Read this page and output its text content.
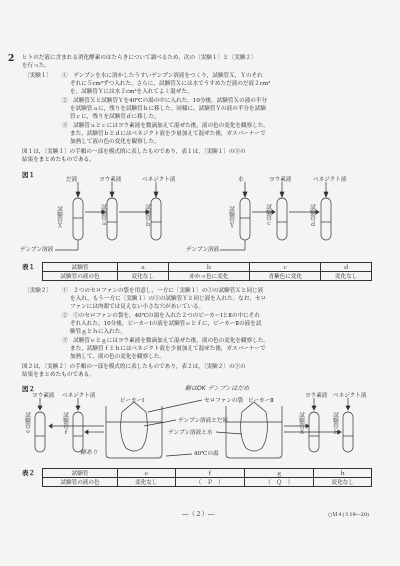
2 ヒトのだ液に含まれる消化酵素のはたらきについて調べるため，次の〔実験１〕と〔実験２〕
を行った。
〔実験１〕 ①　デンプンを水に溶かしたうすいデンプン溶液をつくり，試験管Ｘ，Ｙのそれ
ぞれに５cm³ずつ入れた。さらに，試験管Ｘには水でうすめただ液のだ液２cm³
を，試験管Ｙには水２cm³を入れてよく混ぜた。
②　試験管Ｘと試験管Ｙを40℃の湯の中に入れた。10分後，試験管Ｘの液の半分
を試験管ａに，残りを試験管ｂに移した。同様に，試験管Ｙの液の半分を試験
管ｃに，残りを試験管ｄに移した。
③　試験管ａとｃにはヨウ素液を数滴加えて混ぜた後，液の色の変化を観察した。
また，試験管ｂとｄにはベネジクト液を少量加えて混ぜた後，ガスバーナーで
加熱して液の色の変化を観察した。
図１は，〔実験１〕の手順の一部を模式的に表したものであり，表１は，〔実験１〕の③の
結果をまとめたものである。
図１
だ液	ヨウ素液	ベネジクト液	水	ヨウ素液	ベネジクト液
試験管Ｘ	試験管ａ	試験管ｂ	試験管Ｙ	試験管ｃ	試験管ｄ
デンプン溶液	デンプン溶液
表１	試験管	ａ	ｂ	ｃ	ｄ
試験管の液の色	変化なし	赤かっ色に変化	青紫色に変化	変化なし
〔実験２〕 ①　２つのセロファンの袋を用意し，一方に〔実験１〕の①の試験管Ｘと同じ液
を入れ，もう一方に〔実験１〕の①の試験管Ｙと同じ液を入れた。なお，セロ
ファンには肉眼では見えない小さな穴があいている。
②　①のセロファンの袋を，40℃の湯を入れた２つのビーカーⅠとⅡの中にそれ
ぞれ入れた。10分後，ビーカーⅠの液を試験管ｅとｆに，ビーカーⅡの液を試
験管ｇとｈに入れた。
③　試験管ｅとｇにはヨウ素液を数滴加えて混ぜた後，液の色の変化を観察した。
また，試験管ｆとｈにはベネジクト液を少量加えて混ぜた後，ガスバーナーで
加熱して，液の色の変化を観察した。
図２は，〔実験２〕の手順の一部を模式的に表したものであり，表２は，〔実験２〕の③の
結果をまとめたものである。
図２	糖はOK デンプンはだめ
ヨウ素液 ベネジクト液	ヨウ素液 ベネジクト液
ビーカーⅠ	ビーカーⅡ
セロファンの袋
デンプン溶液とだ液
デンプン溶液と水
40℃の湯
糖あり
試験管ｅ	試験管ｆ	試験管ｇ	試験管ｈ
表２	試験管	ｅ	ｆ	ｇ	ｈ
試験管の液の色	変化なし	（　Ｐ　）	（　Ｑ　）	変化なし
―（２）―	○Ｍ４(Ｓ19―20)
